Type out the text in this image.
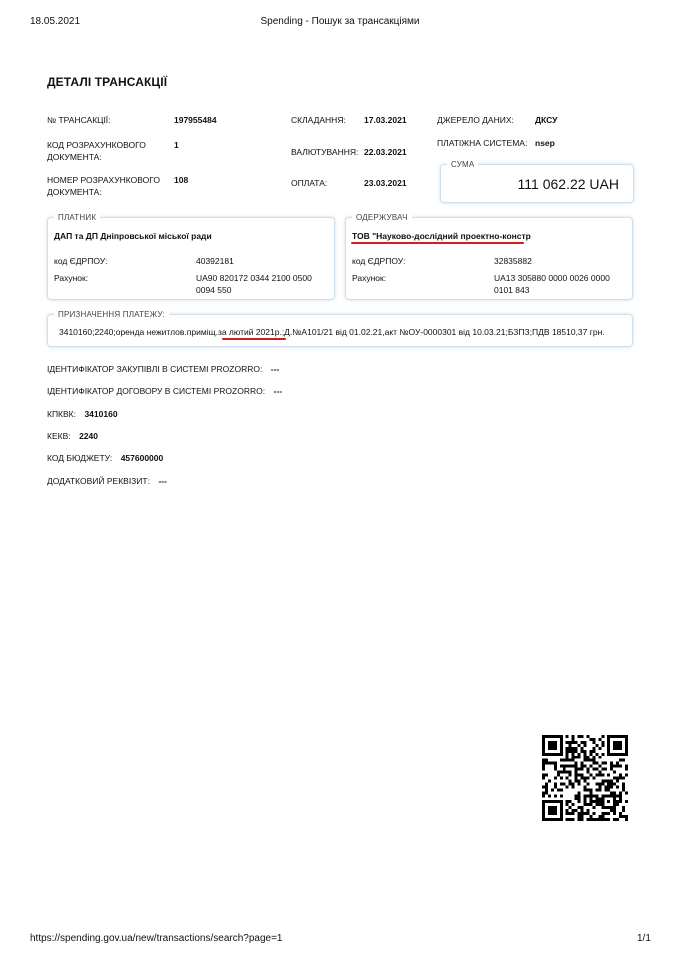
18.05.2021	Spending - Пошук за трансакціями
ДЕТАЛІ ТРАНСАКЦІЇ
№ ТРАНСАКЦІЇ:	197955484
КОД РОЗРАХУНКОВОГО
ДОКУМЕНТА:
1
НОМЕР РОЗРАХУНКОВОГО
ДОКУМЕНТА:
108
СКЛАДАННЯ: 17.03.2021
ВАЛЮТУВАННЯ: 22.03.2021
ОПЛАТА:	23.03.2021
ДЖЕРЕЛО ДАНИХ: ДКСУ
ПЛАТІЖНА СИСТЕМА: nsep
СУМА
111 062.22 UAH
ПЛАТНИК
ДАП та ДП Дніпровської міської ради
код ЄДРПОУ:	40392181
Рахунок:	UA90 820172 0344 2100 0500
0094 550
ОДЕРЖУВАЧ
ТОВ "Науково-дослідний проектно-констр
код ЄДРПОУ:	32835882
Рахунок:	UA13 305880 0000 0026 0000
0101 843
ПРИЗНАЧЕННЯ ПЛАТЕЖУ:
3410160;2240;оренда нежитлов.приміщ.за лютий 2021р.;Д.№А101/21 від 01.02.21,акт №ОУ-0000301 від 10.03.21;БЗПЗ;ПДВ 18510,37 грн.
ІДЕНТИФІКАТОР ЗАКУПІВЛІ В СИСТЕМІ PROZORRO: ---
ІДЕНТИФІКАТОР ДОГОВОРУ В СИСТЕМІ PROZORRO: ---
КПКВК: 3410160
КЕКВ: 2240
КОД БЮДЖЕТУ: 457600000
ДОДАТКОВИЙ РЕКВІЗИТ: ---
https://spending.gov.ua/new/transactions/search?page=1	1/1
